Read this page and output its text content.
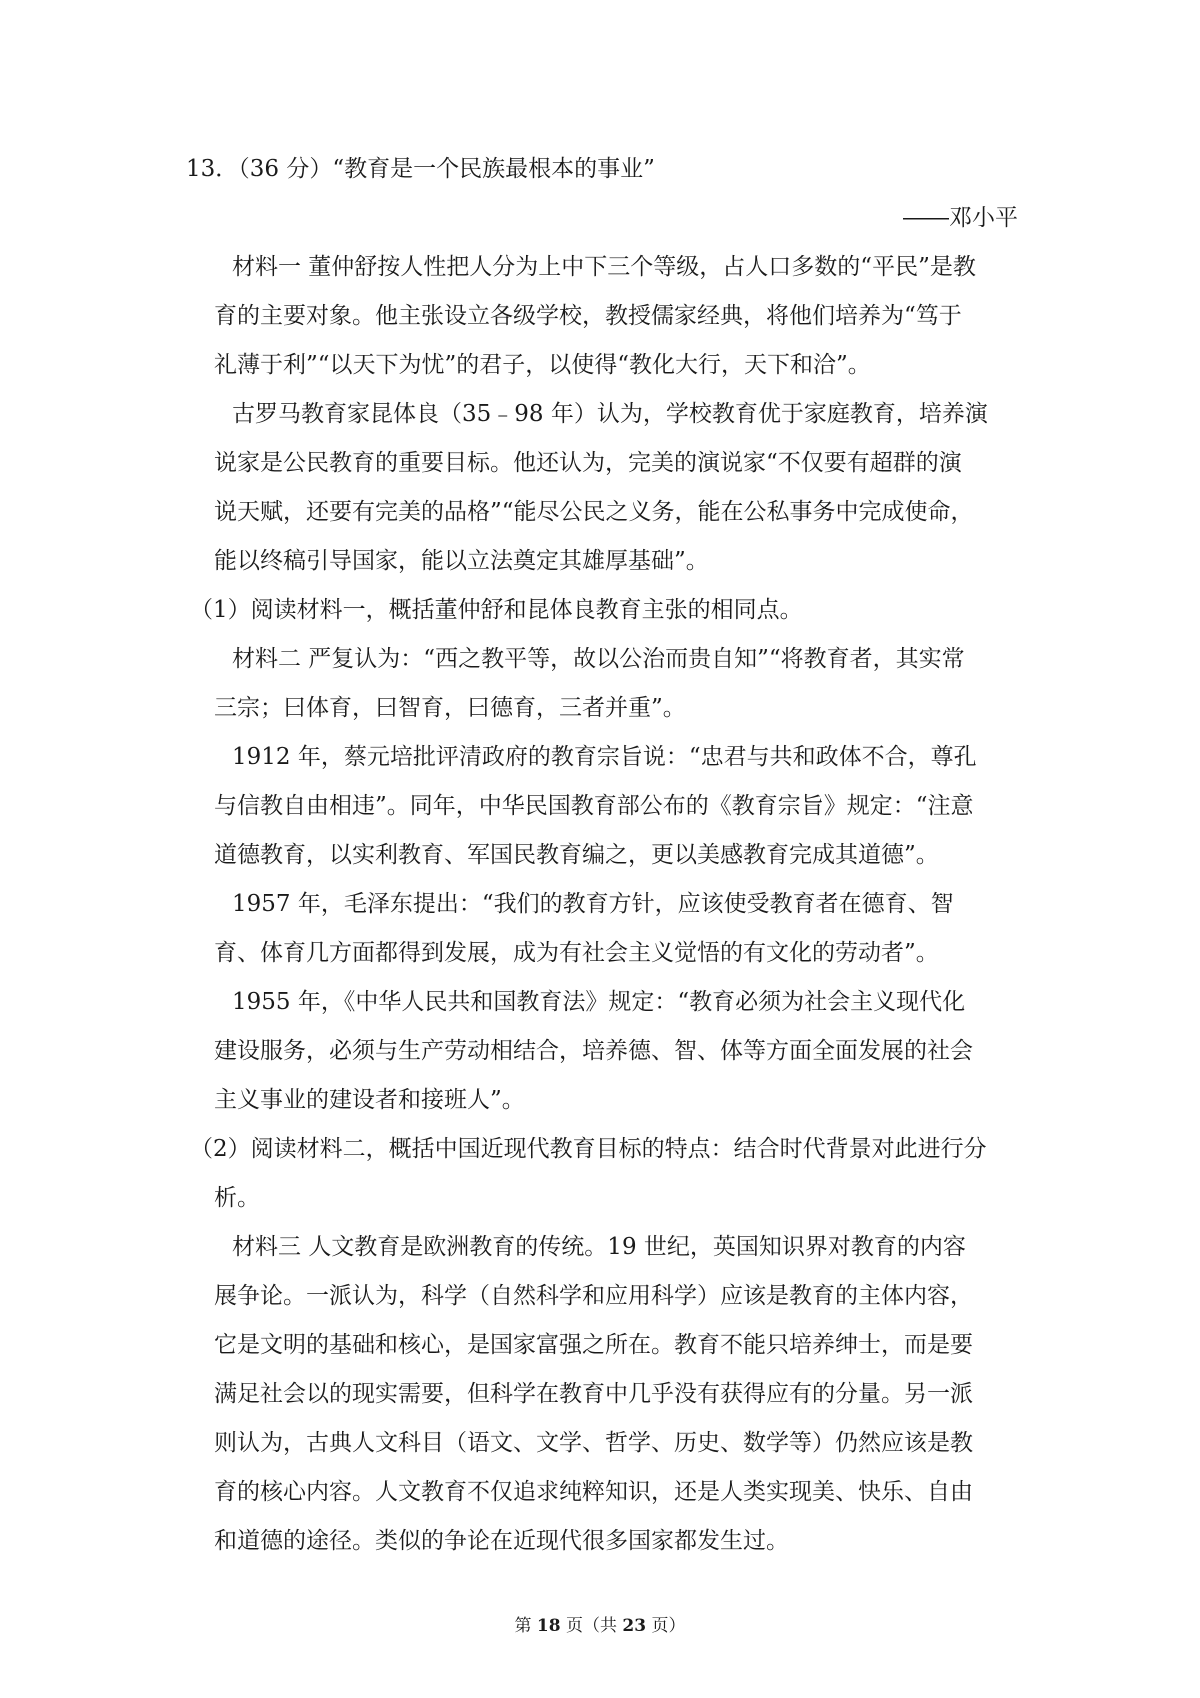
13．（36 分）“教育是一个民族最根本的事业”
――邓小平
材料一 董仲舒按人性把人分为上中下三个等级，占人口多数的“平民”是教
育的主要对象。他主张设立各级学校，教授儒家经典，将他们培养为“笃于
礼薄于利”“以天下为忧”的君子，以使得“教化大行，天下和洽”。
古罗马教育家昆体良（35﹣98 年）认为，学校教育优于家庭教育，培养演
说家是公民教育的重要目标。他还认为，完美的演说家“不仅要有超群的演
说天赋，还要有完美的品格”“能尽公民之义务，能在公私事务中完成使命，
能以终稿引导国家，能以立法奠定其雄厚基础”。
（1）阅读材料一，概括董仲舒和昆体良教育主张的相同点。
材料二 严复认为：“西之教平等，故以公治而贵自知”“将教育者，其实常
三宗；曰体育，曰智育，曰德育，三者并重”。
1912 年，蔡元培批评清政府的教育宗旨说：“忠君与共和政体不合，尊孔
与信教自由相违”。同年，中华民国教育部公布的《教育宗旨》规定：“注意
道德教育，以实利教育、军国民教育编之，更以美感教育完成其道德”。
1957 年，毛泽东提出：“我们的教育方针，应该使受教育者在德育、智
育、体育几方面都得到发展，成为有社会主义觉悟的有文化的劳动者”。
1955 年，《中华人民共和国教育法》规定：“教育必须为社会主义现代化
建设服务，必须与生产劳动相结合，培养德、智、体等方面全面发展的社会
主义事业的建设者和接班人”。
（2）阅读材料二，概括中国近现代教育目标的特点：结合时代背景对此进行分
析。
材料三 人文教育是欧洲教育的传统。19 世纪，英国知识界对教育的内容
展争论。一派认为，科学（自然科学和应用科学）应该是教育的主体内容，
它是文明的基础和核心，是国家富强之所在。教育不能只培养绅士，而是要
满足社会以的现实需要，但科学在教育中几乎没有获得应有的分量。另一派
则认为，古典人文科目（语文、文学、哲学、历史、数学等）仍然应该是教
育的核心内容。人文教育不仅追求纯粹知识，还是人类实现美、快乐、自由
和道德的途径。类似的争论在近现代很多国家都发生过。
第 18 页（共 23 页）
